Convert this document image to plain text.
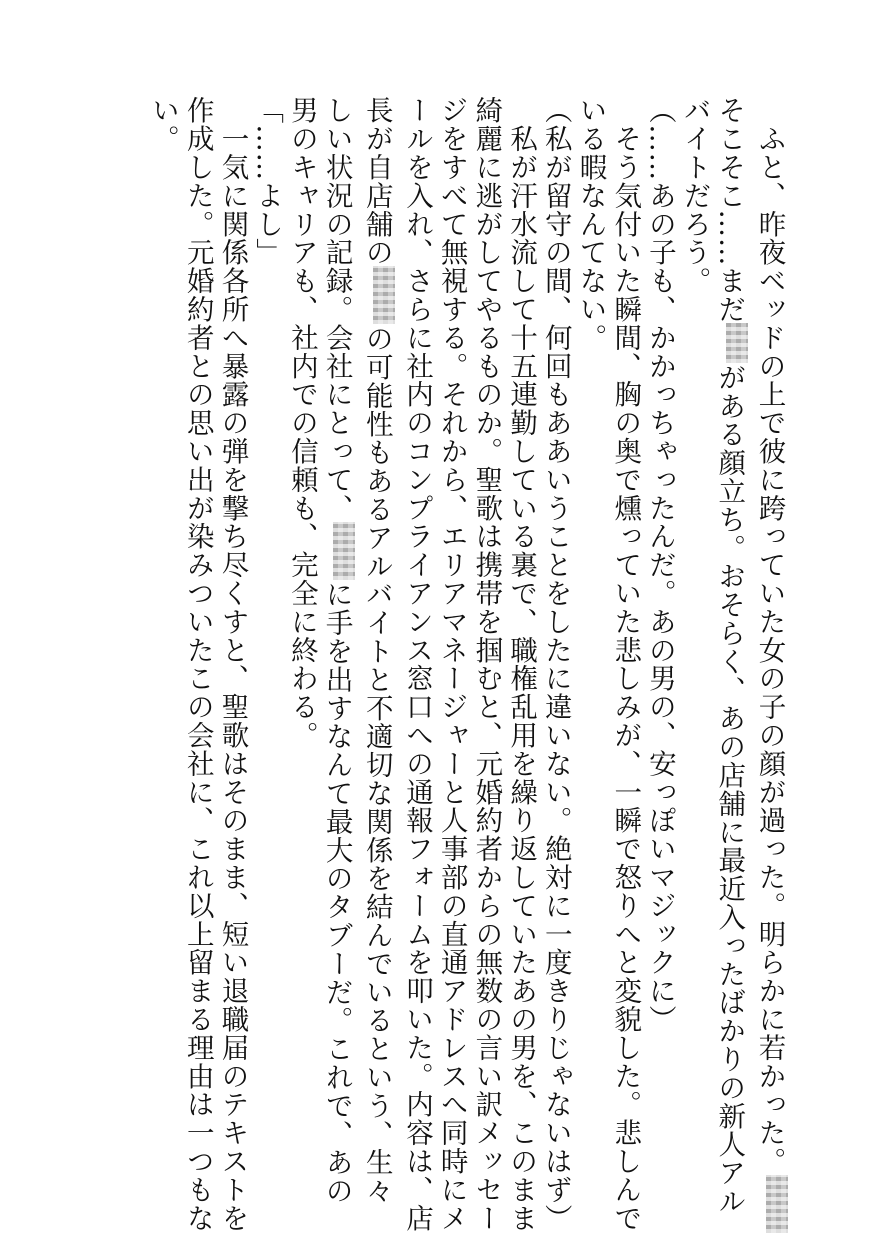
　ふと、昨夜ベッドの上で彼に跨っていた女の子の顔が過った。明らかに若かった。
そこそこ……まだがある顔立ち。おそらく、あの店舗に最近入ったばかりの新人アル
バイトだろう。
（……あの子も、かかっちゃったんだ。あの男の、安っぽいマジックに）
　そう気付いた瞬間、胸の奥で燻っていた悲しみが、一瞬で怒りへと変貌した。悲しんで
いる暇なんてない。
（私が留守の間、何回もああいうことをしたに違いない。絶対に一度きりじゃないはず）
　私が汗水流して十五連勤している裏で、職権乱用を繰り返していたあの男を、このまま
綺麗に逃がしてやるものか。聖歌は携帯を掴むと、元婚約者からの無数の言い訳メッセー
ジをすべて無視する。それから、エリアマネージャーと人事部の直通アドレスへ同時にメ
ールを入れ、さらに社内のコンプライアンス窓口への通報フォームを叩いた。内容は、店
長が自店舗のの可能性もあるアルバイトと不適切な関係を結んでいるという、生々
しい状況の記録。会社にとって、に手を出すなんて最大のタブーだ。これで、あの
男のキャリアも、社内での信頼も、完全に終わる。
「……よし」
　一気に関係各所へ暴露の弾を撃ち尽くすと、聖歌はそのまま、短い退職届のテキストを
作成した。元婚約者との思い出が染みついたこの会社に、これ以上留まる理由は一つもな
い。
